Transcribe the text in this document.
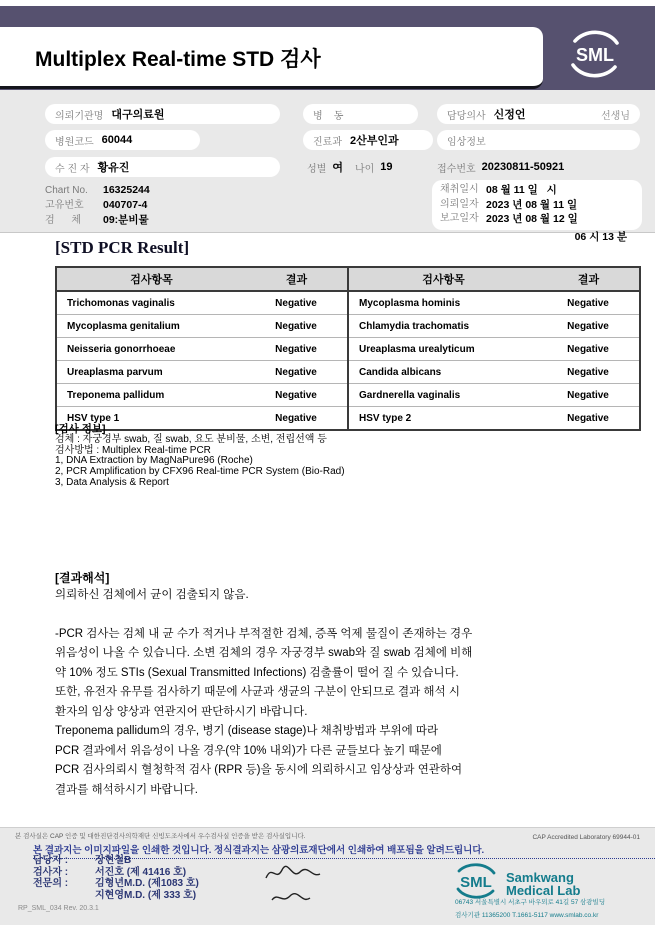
Multiplex Real-time STD 검사	SML
의뢰기관명 대구의료원	병    동	담당의사 신정언	선생님
병원코드 60044	진료과 2산부인과	임상정보
수 진 자 황유진	성별 여 나이 19	접수번호 20230811-50921
Chart No.	16325244
고유번호	040707-4
검      체	09:분비물
채취일시 08 월 11 일   시
의뢰일자 2023 년 08 월 11 일
보고일자 2023 년 08 월 12 일
06 시 13 분
[STD PCR Result]
검사항목	결과	검사항목	결과
Trichomonas vaginalis	Negative	Mycoplasma hominis	Negative
Mycoplasma genitalium	Negative	Chlamydia trachomatis	Negative
Neisseria gonorrhoeae	Negative	Ureaplasma urealyticum	Negative
Ureaplasma parvum	Negative	Candida albicans	Negative
Treponema pallidum	Negative	Gardnerella vaginalis	Negative
HSV type 1	Negative	HSV type 2	Negative
[검사 정보]
검체 : 자궁경부 swab, 질 swab, 요도 분비물, 소변, 전립선액 등
검사방법 : Multiplex Real-time PCR
1, DNA Extraction by MagNaPure96 (Roche)
2, PCR Amplification by CFX96 Real-time PCR System (Bio-Rad)
3, Data Analysis & Report
[결과해석]
의뢰하신 검체에서 균이 검출되지 않음.
-PCR 검사는 검체 내 균 수가 적거나 부적절한 검체, 증폭 억제 물질이 존재하는 경우
위음성이 나올 수 있습니다. 소변 검체의 경우 자궁경부 swab와 질 swab 검체에 비해
약 10% 정도 STIs (Sexual Transmitted Infections) 검출률이 떨어 질 수 있습니다.
또한, 유전자 유무를 검사하기 때문에 사균과 생균의 구분이 안되므로 결과 해석 시
환자의 임상 양상과 연관지어 판단하시기 바랍니다.
Treponema pallidum의 경우, 병기 (disease stage)나 채취방법과 부위에 따라
PCR 결과에서 위음성이 나올 경우(약 10% 내외)가 다른 균들보다 높기 때문에
PCR 검사의뢰시 혈청학적 검사 (RPR 등)을 동시에 의뢰하시고 임상상과 연관하여
결과를 해석하시기 바랍니다.
본 검사실은 CAP 인증 및 대한진단검사의학재단 신빙도조사에서 우수검사실 인증을 받은 검사실입니다.	CAP Accredited Laboratory 69944-01
본 결과지는 이미지파일을 인쇄한 것입니다. 정식결과지는 삼광의료재단에서 인쇄하여 배포됨을 알려드립니다.
담당자 :	장현철B
검사자 :	서진호 (제 41416 호)
전문의 :	김형년M.D. (제1083 호)
지현영M.D. (제 333 호)
RP_SML_034 Rev. 20.3.1
SML Samkwang
Medical Lab
06743 서울특별시 서초구 바우뫼로 41길 57 삼광빌딩
검사기관 11365200 T.1661-5117 www.smlab.co.kr
